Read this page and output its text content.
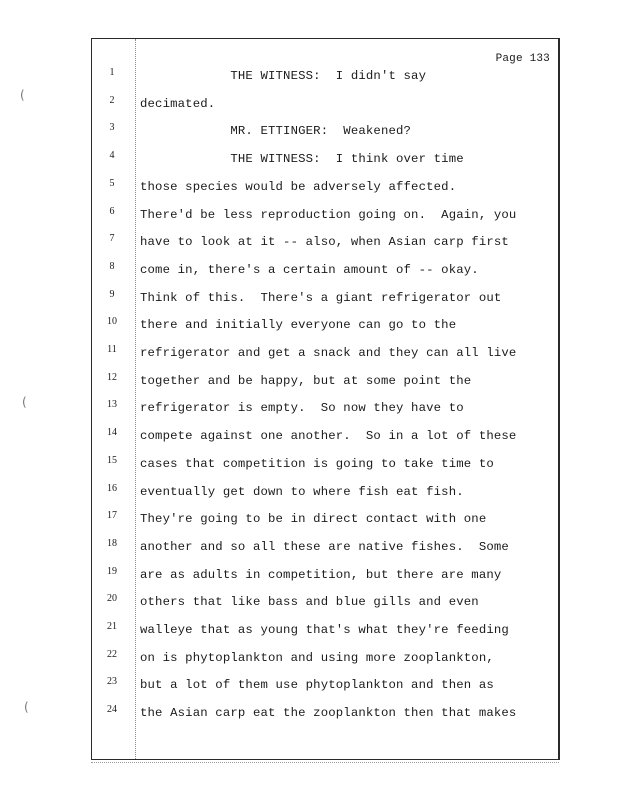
(
(
(
Page 133
1	THE WITNESS:  I didn't say
2	decimated.
3	MR. ETTINGER:  Weakened?
4	THE WITNESS:  I think over time
5	those species would be adversely affected.
6	There'd be less reproduction going on.  Again, you
7	have to look at it -- also, when Asian carp first
8	come in, there's a certain amount of -- okay.
9	Think of this.  There's a giant refrigerator out
10	there and initially everyone can go to the
11	refrigerator and get a snack and they can all live
12	together and be happy, but at some point the
13	refrigerator is empty.  So now they have to
14	compete against one another.  So in a lot of these
15	cases that competition is going to take time to
16	eventually get down to where fish eat fish.
17	They're going to be in direct contact with one
18	another and so all these are native fishes.  Some
19	are as adults in competition, but there are many
20	others that like bass and blue gills and even
21	walleye that as young that's what they're feeding
22	on is phytoplankton and using more zooplankton,
23	but a lot of them use phytoplankton and then as
24	the Asian carp eat the zooplankton then that makes
